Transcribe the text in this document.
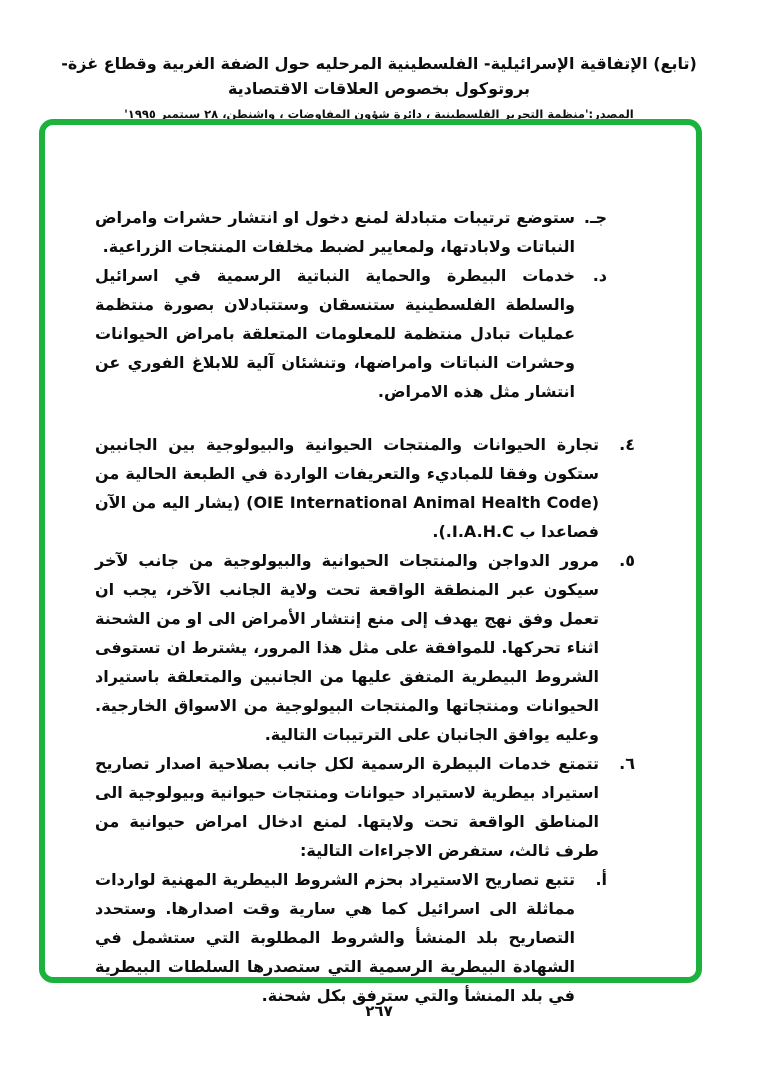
(تابع) الإتفاقية الإسرائيلية- الفلسطينية المرحليه حول الضفة الغربية وقطاع غزة- بروتوكول بخصوص العلاقات الاقتصادية
المصدر:'منظمة التحرير الفلسطينية ، دائرة شؤون المفاوضات ، واشنطن، ٢٨ سبتمبر ١٩٩٥'
جـ.
ستوضع ترتيبات متبادلة لمنع دخول او انتشار حشرات وامراض النباتات ولابادتها، ولمعايير لضبط مخلفات المنتجات الزراعية.
د.
خدمات البيطرة والحماية النباتية الرسمية في اسرائيل والسلطة الفلسطينية ستنسقان وستتبادلان بصورة منتظمة عمليات تبادل منتظمة للمعلومات المتعلقة بامراض الحيوانات وحشرات النباتات وامراضها، وتنشئان آلية للابلاغ الفوري عن انتشار مثل هذه الامراض.
٤.
تجارة الحيوانات والمنتجات الحيوانية والبيولوجية بين الجانبين ستكون وفقا للمباديء والتعريفات الواردة في الطبعة الحالية من (OIE International Animal Health Code) (يشار اليه من الآن فصاعدا ب I.A.H.C.).
٥.
مرور الدواجن والمنتجات الحيوانية والبيولوجية من جانب لآخر سيكون عبر المنطقة الواقعة تحت ولاية الجانب الآخر، يجب ان تعمل وفق نهج يهدف إلى منع إنتشار الأمراض الى او من الشحنة اثناء تحركها. للموافقة على مثل هذا المرور، يشترط ان تستوفى الشروط البيطرية المتفق عليها من الجانبين والمتعلقة باستيراد الحيوانات ومنتجاتها والمنتجات البيولوجية من الاسواق الخارجية. وعليه يوافق الجانبان على الترتيبات التالية.
٦.
تتمتع خدمات البيطرة الرسمية لكل جانب بصلاحية اصدار تصاريح استيراد بيطرية لاستيراد حيوانات ومنتجات حيوانية وبيولوجية الى المناطق الواقعة تحت ولايتها. لمنع ادخال امراض حيوانية من طرف ثالث، ستفرض الاجراءات التالية:
أ.
تتبع تصاريح الاستيراد بحزم الشروط البيطرية المهنية لواردات مماثلة الى اسرائيل كما هي سارية وقت اصدارها. وستحدد التصاريح بلد المنشأ والشروط المطلوبة التي ستشمل في الشهادة البيطرية الرسمية التي ستصدرها السلطات البيطرية في بلد المنشأ والتي سترفق بكل شحنة.
٢٦٧
